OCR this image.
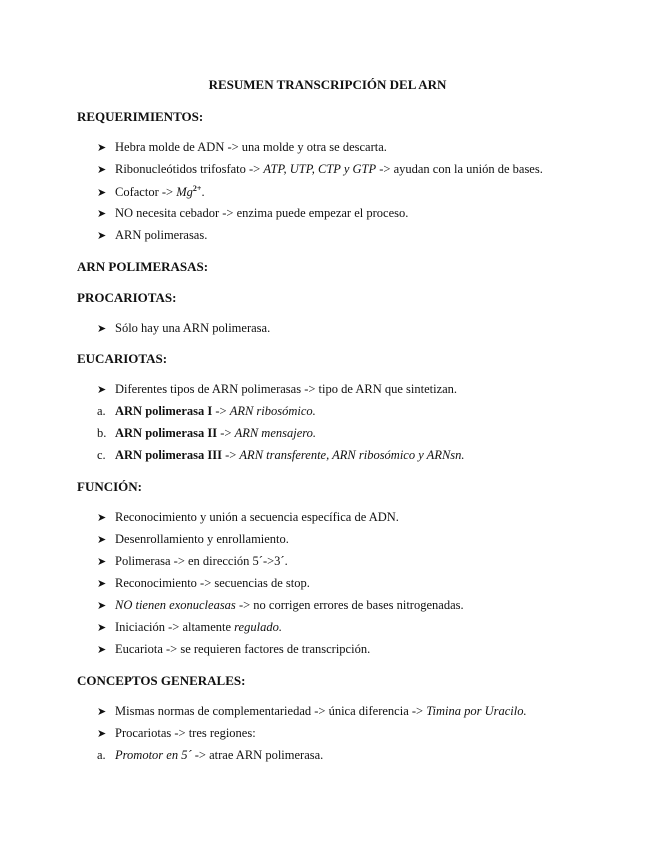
RESUMEN TRANSCRIPCIÓN DEL ARN
REQUERIMIENTOS:
➤ Hebra molde de ADN -> una molde y otra se descarta.
➤ Ribonucleótidos trifosfato -> ATP, UTP, CTP y GTP -> ayudan con la unión de bases.
➤ Cofactor -> $Mg^{2+}$.
➤ NO necesita cebador -> enzima puede empezar el proceso.
➤ ARN polimerasas.
ARN POLIMERASAS:
PROCARIOTAS:
➤ Sólo hay una ARN polimerasa.
EUCARIOTAS:
➤ Diferentes tipos de ARN polimerasas -> tipo de ARN que sintetizan.
a. ARN polimerasa I -> ARN ribosómico.
b. ARN polimerasa II -> ARN mensajero.
c. ARN polimerasa III -> ARN transferente, ARN ribosómico y ARNsn.
FUNCIÓN:
➤ Reconocimiento y unión a secuencia específica de ADN.
➤ Desenrollamiento y enrollamiento.
➤ Polimerasa -> en dirección 5´->3´.
➤ Reconocimiento -> secuencias de stop.
➤ NO tienen exonucleasas -> no corrigen errores de bases nitrogenadas.
➤ Iniciación -> altamente regulado.
➤ Eucariota -> se requieren factores de transcripción.
CONCEPTOS GENERALES:
➤ Mismas normas de complementariedad -> única diferencia -> Timina por Uracilo.
➤ Procariotas -> tres regiones:
a. Promotor en 5´ -> atrae ARN polimerasa.
